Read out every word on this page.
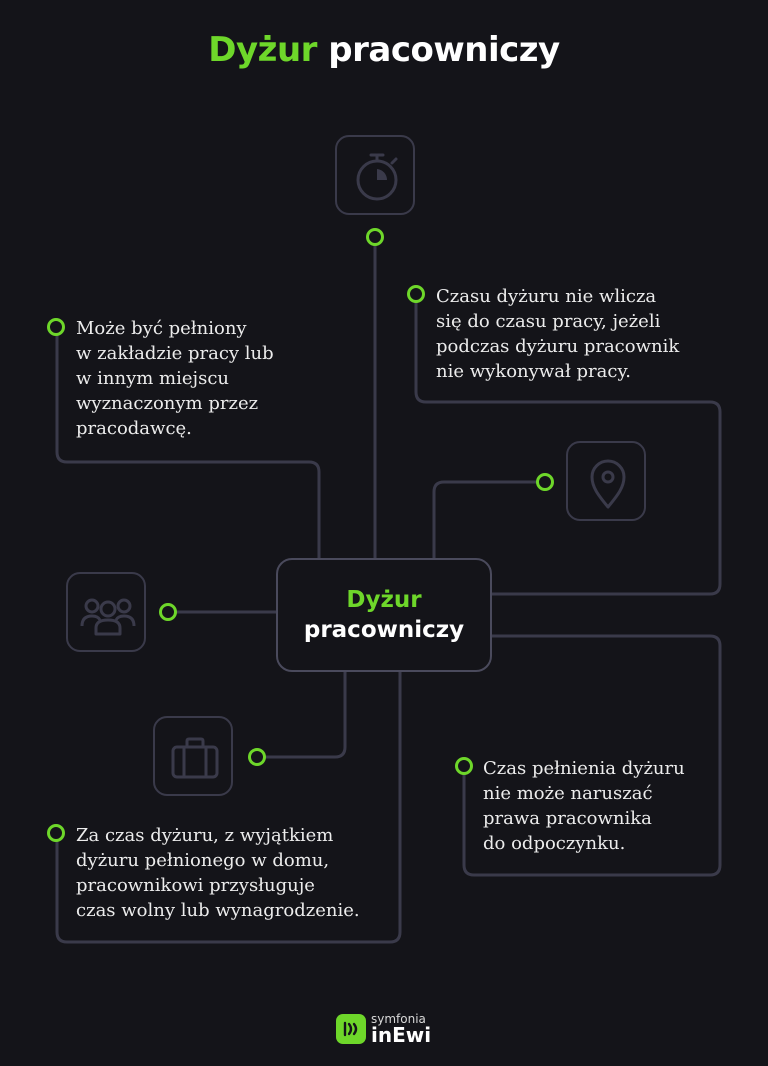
Dyżur pracowniczy
Dyżur
pracowniczy
Może być pełniony
w zakładzie pracy lub
w innym miejscu
wyznaczonym przez
pracodawcę.
Czasu dyżuru nie wlicza
się do czasu pracy, jeżeli
podczas dyżuru pracownik
nie wykonywał pracy.
Czas pełnienia dyżuru
nie może naruszać
prawa pracownika
do odpoczynku.
Za czas dyżuru, z wyjątkiem
dyżuru pełnionego w domu,
pracownikowi przysługuje
czas wolny lub wynagrodzenie.
symfonia
inEwi
